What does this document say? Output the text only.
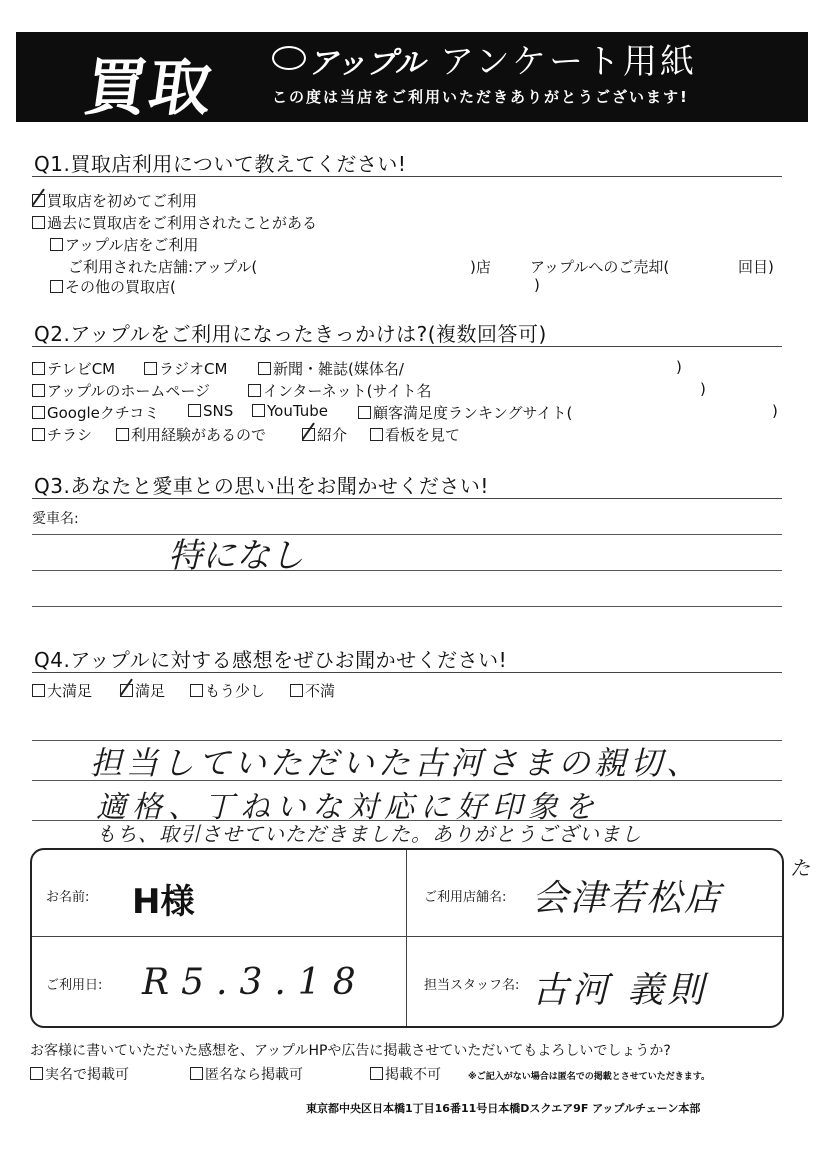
買取	アップル アンケート用紙
この度は当店をご利用いただきありがとうございます!
Q1.買取店利用について教えてください!
買取店を初めてご利用
過去に買取店をご利用されたことがある
アップル店をご利用
ご利用された店舗:アップル(	)店	アップルへのご売却(	回目)
その他の買取店(	)
Q2.アップルをご利用になったきっかけは?(複数回答可)
テレビCM	ラジオCM	新聞・雑誌(媒体名/	)
アップルのホームページ	インターネット(サイト名	)
Googleクチコミ	SNS	YouTube	顧客満足度ランキングサイト(	)
チラシ	利用経験があるので	紹介	看板を見て
Q3.あなたと愛車との思い出をお聞かせください!
愛車名:
特になし
Q4.アップルに対する感想をぜひお聞かせください!
大満足	満足	もう少し	不満
担当していただいた古河さまの親切、
適格、丁ねいな対応に好印象を
もち、取引させていただきました。ありがとうございまし
た
お名前: H様	ご利用店舗名: 会津若松店
ご利用日: R5.3.18	担当スタッフ名: 古河 義則
お客様に書いていただいた感想を、アップルHPや広告に掲載させていただいてもよろしいでしょうか?
実名で掲載可	匿名なら掲載可	掲載不可	※ご記入がない場合は匿名での掲載とさせていただきます。
東京都中央区日本橋1丁目16番11号日本橋Dスクエア9F アップルチェーン本部
